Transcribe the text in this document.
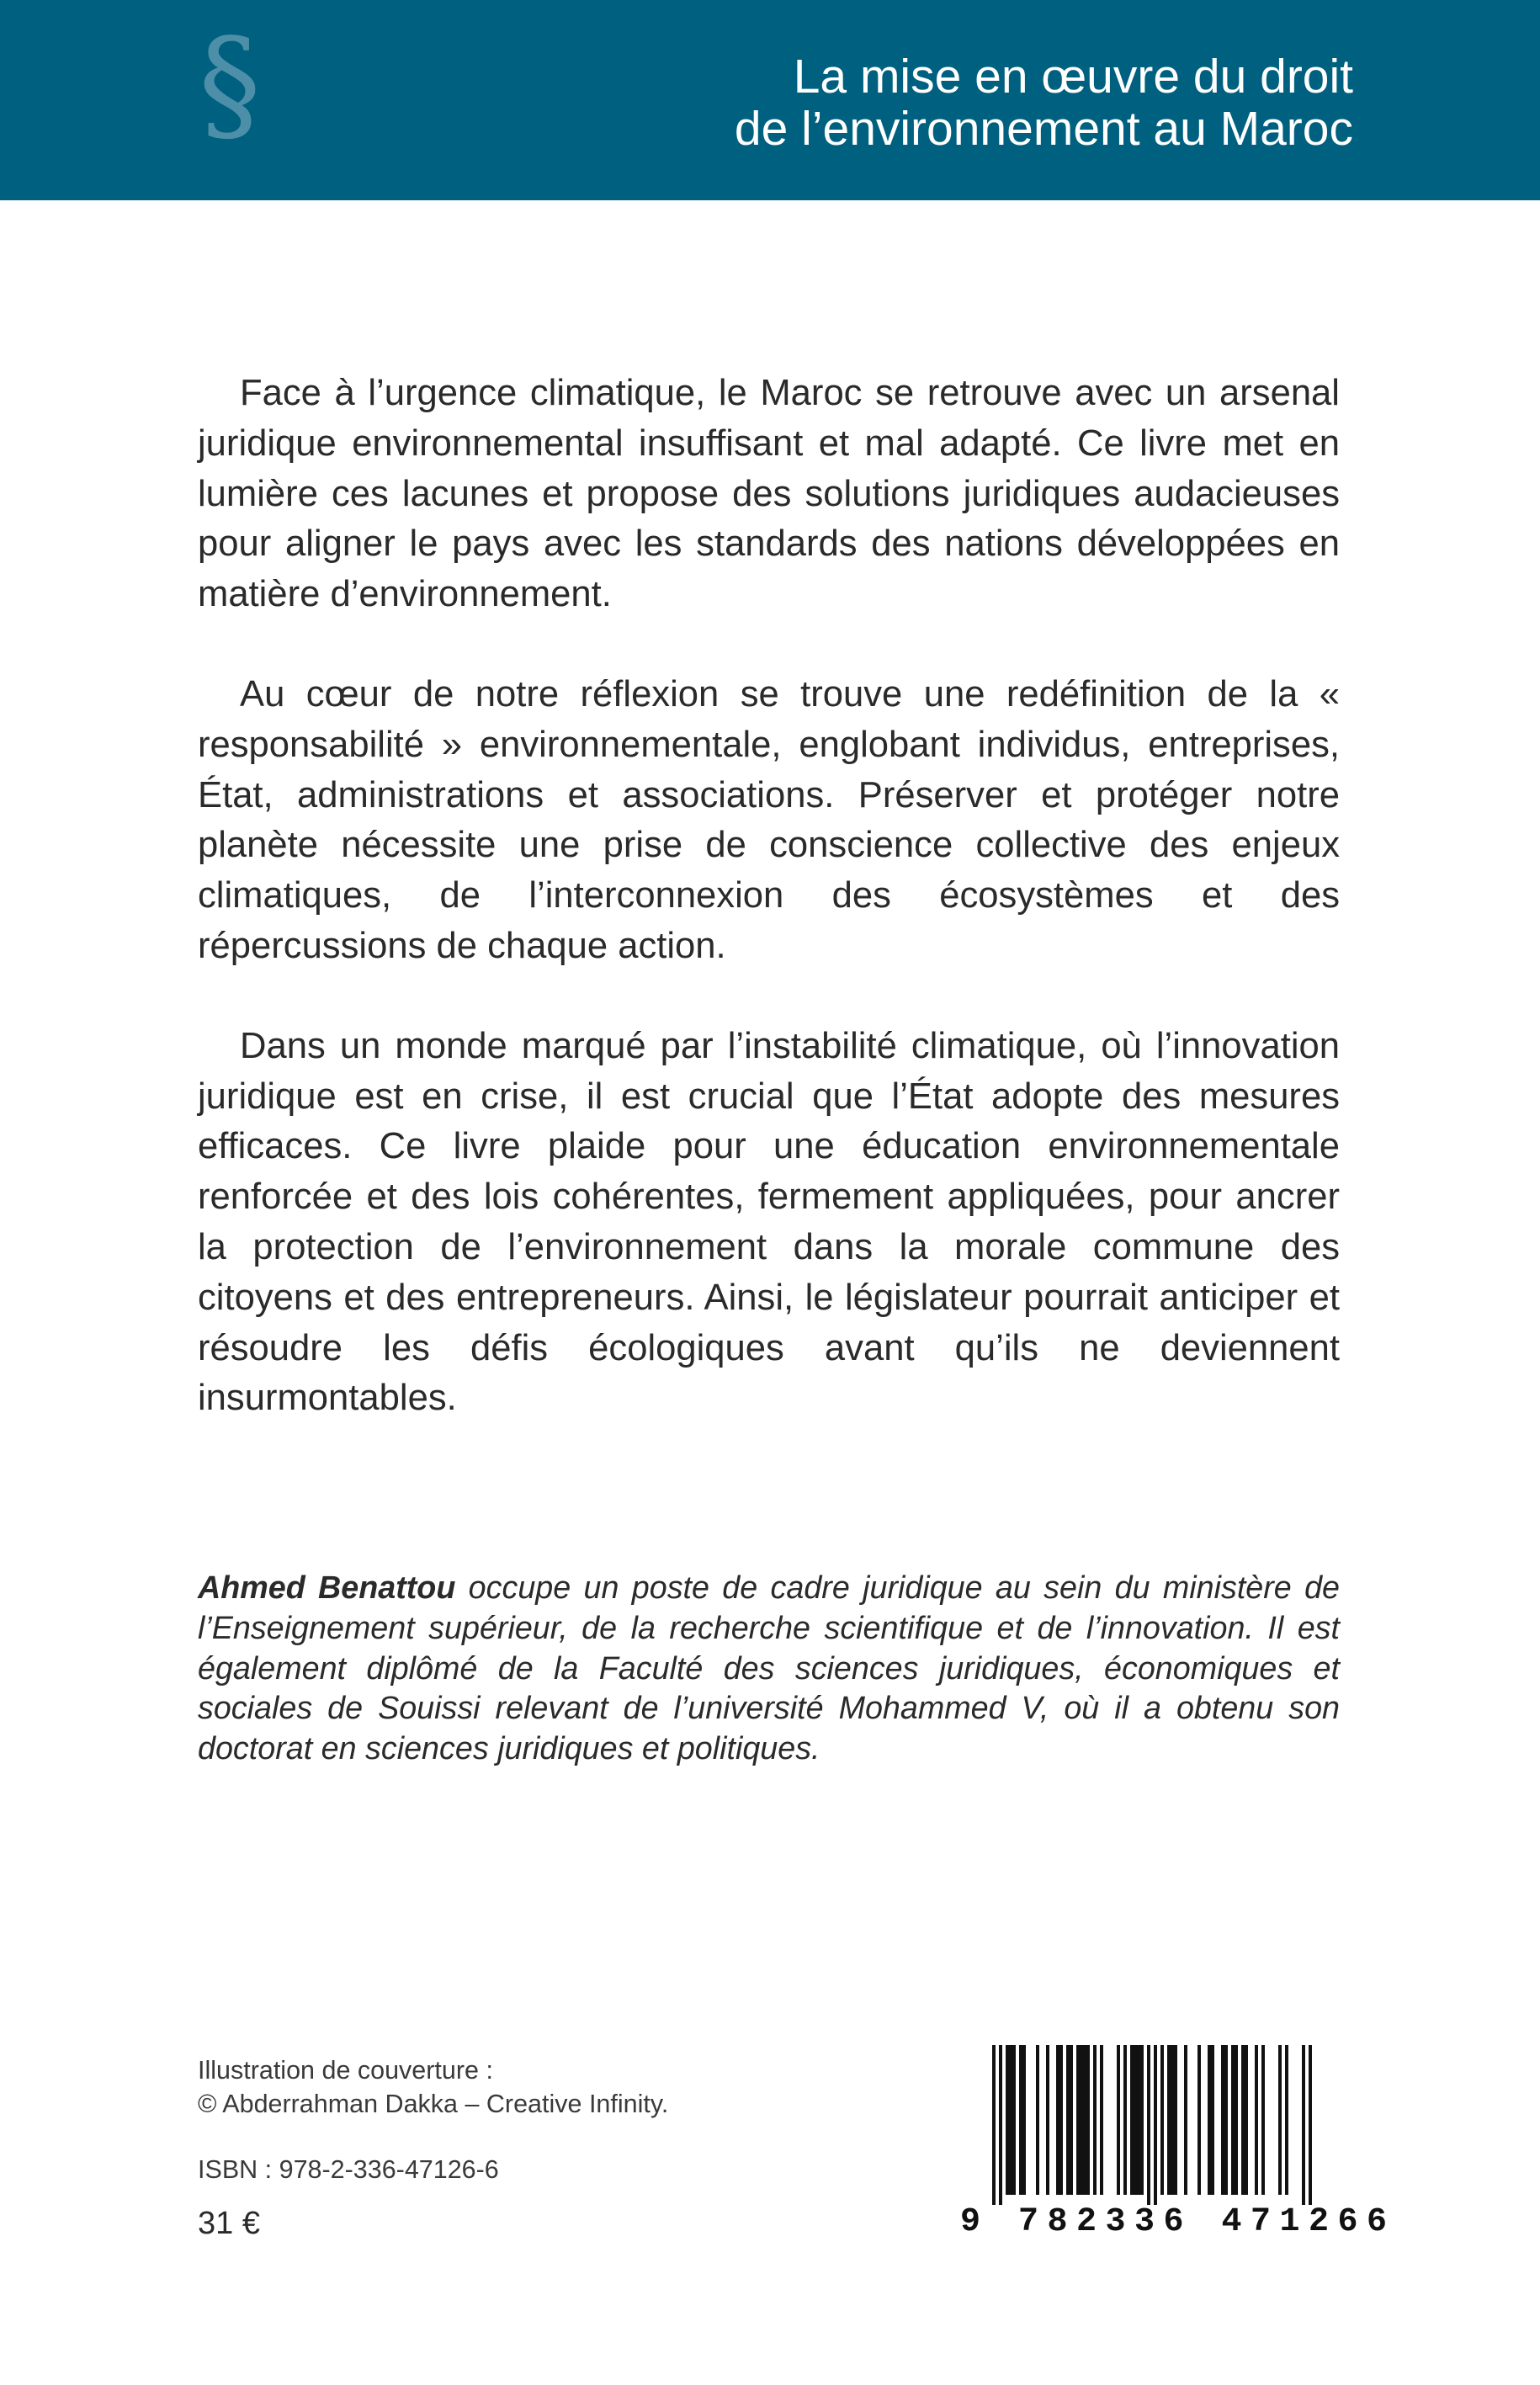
§	La mise en œuvre du droit
de l’environnement au Maroc

Face à l’urgence climatique, le Maroc se retrouve avec un arsenal juridique environnemental insuffisant et mal adapté. Ce livre met en lumière ces lacunes et propose des solutions juridiques audacieuses pour aligner le pays avec les standards des nations développées en matière d’environnement.

Au cœur de notre réflexion se trouve une redéfinition de la « responsabilité » environnementale, englobant individus, entreprises, État, administrations et associations. Préserver et protéger notre planète nécessite une prise de conscience collective des enjeux climatiques, de l’interconnexion des écosystèmes et des répercussions de chaque action.

Dans un monde marqué par l’instabilité climatique, où l’innovation juridique est en crise, il est crucial que l’État adopte des mesures efficaces. Ce livre plaide pour une éducation environnementale renforcée et des lois cohérentes, fermement appliquées, pour ancrer la protection de l’environnement dans la morale commune des citoyens et des entrepreneurs. Ainsi, le législateur pourrait anticiper et résoudre les défis écologiques avant qu’ils ne deviennent insurmontables.

Ahmed Benattou occupe un poste de cadre juridique au sein du ministère de l’Enseignement supérieur, de la recherche scientifique et de l’innovation. Il est également diplômé de la Faculté des sciences juridiques, économiques et sociales de Souissi relevant de l’université Mohammed V, où il a obtenu son doctorat en sciences juridiques et politiques.
Illustration de couverture :
© Abderrahman Dakka – Creative Infinity.
ISBN : 978-2-336-47126-6
31 €	9 782336 471266
